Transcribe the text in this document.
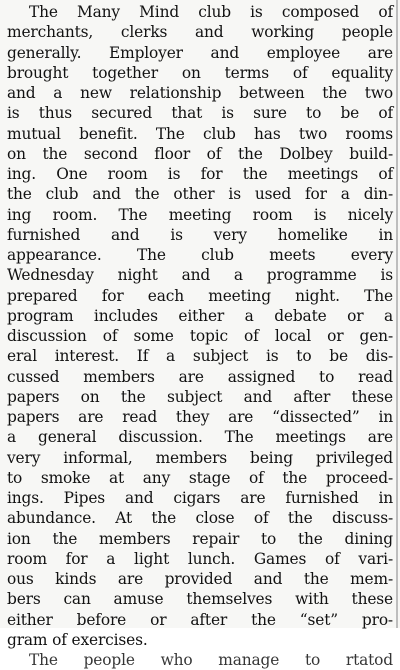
The Many Mind club is composed of
merchants, clerks and working people
generally. Employer and employee are
brought together on terms of equality
and a new relationship between the two
is thus secured that is sure to be of
mutual benefit. The club has two rooms
on the second floor of the Dolbey build-
ing. One room is for the meetings of
the club and the other is used for a din-
ing room. The meeting room is nicely
furnished and is very homelike in
appearance. The club meets every
Wednesday night and a programme is
prepared for each meeting night. The
program includes either a debate or a
discussion of some topic of local or gen-
eral interest. If a subject is to be dis-
cussed members are assigned to read
papers on the subject and after these
papers are read they are “dissected” in
a general discussion. The meetings are
very informal, members being privileged
to smoke at any stage of the proceed-
ings. Pipes and cigars are furnished in
abundance. At the close of the discuss-
ion the members repair to the dining
room for a light lunch. Games of vari-
ous kinds are provided and the mem-
bers can amuse themselves with these
either before or after the “set” pro-
gram of exercises.
The people who manage to rtatod
